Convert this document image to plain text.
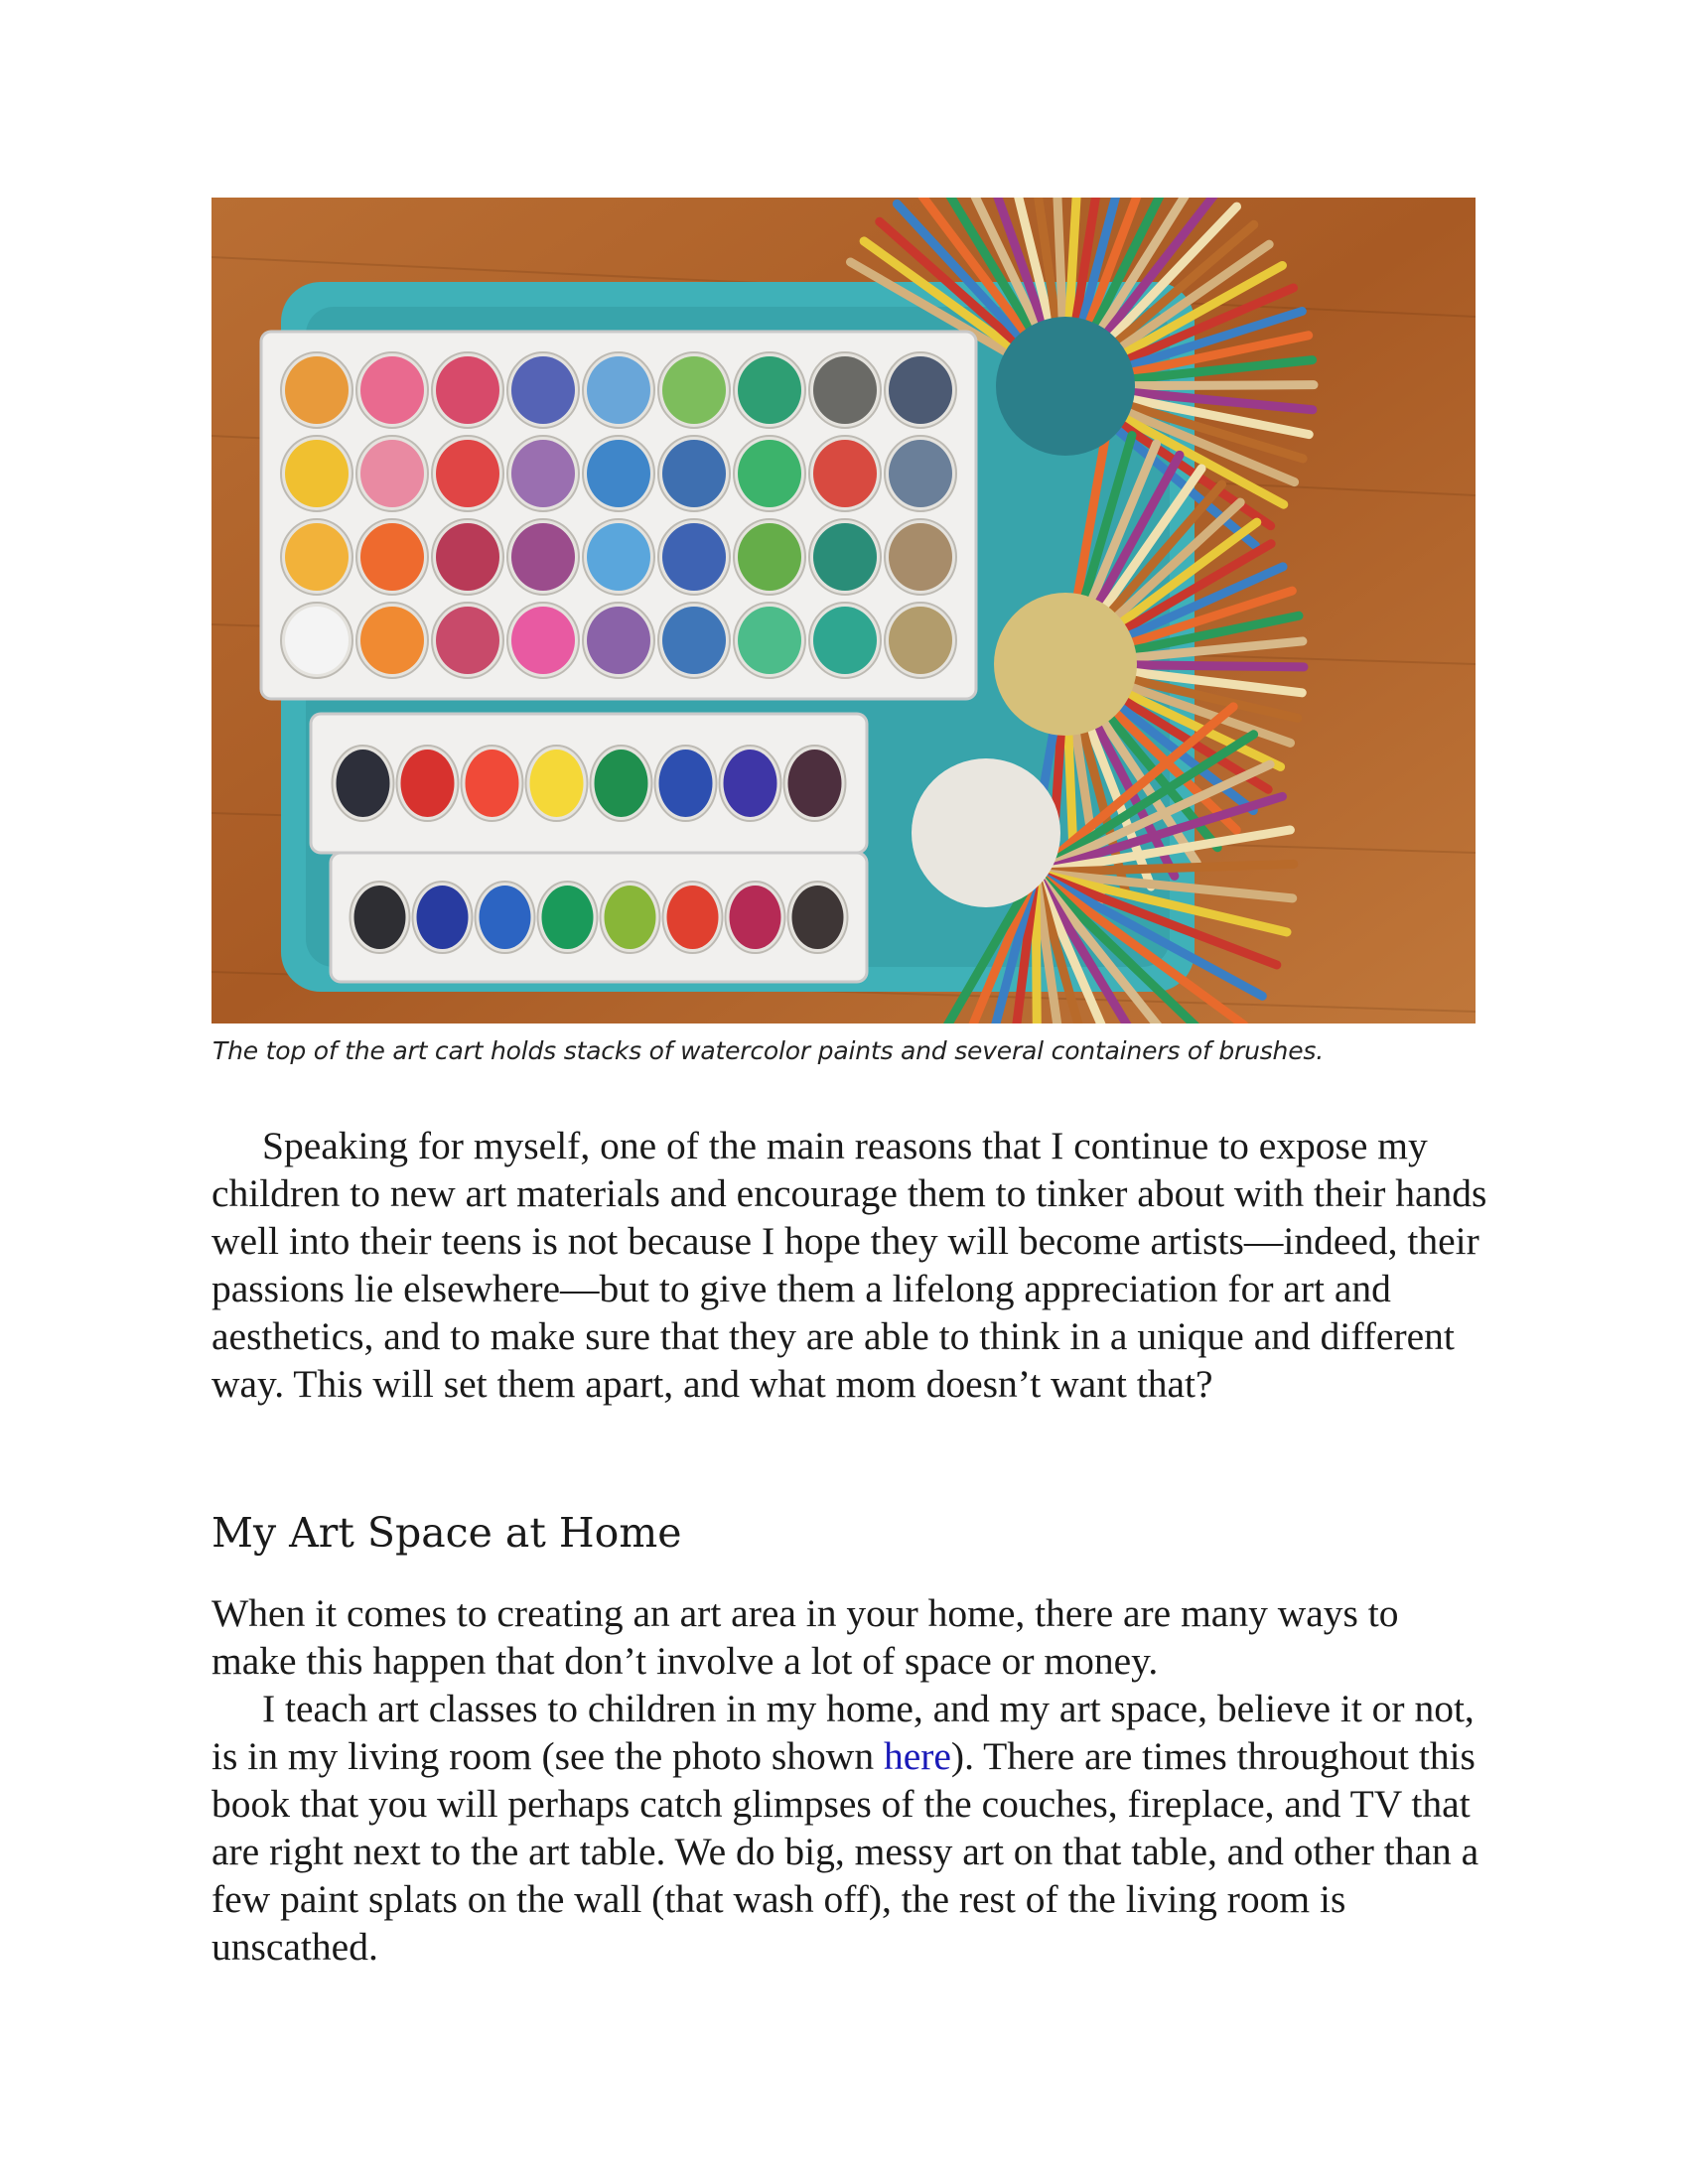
The top of the art cart holds stacks of watercolor paints and several containers of brushes.

Speaking for myself, one of the main reasons that I continue to expose my children to new art materials and encourage them to tinker about with their hands well into their teens is not because I hope they will become artists—indeed, their passions lie elsewhere—but to give them a lifelong appreciation for art and aesthetics, and to make sure that they are able to think in a unique and different way. This will set them apart, and what mom doesn’t want that?

My Art Space at Home

When it comes to creating an art area in your home, there are many ways to make this happen that don’t involve a lot of space or money.

I teach art classes to children in my home, and my art space, believe it or not, is in my living room (see the photo shown here). There are times throughout this book that you will perhaps catch glimpses of the couches, fireplace, and TV that are right next to the art table. We do big, messy art on that table, and other than a few paint splats on the wall (that wash off), the rest of the living room is unscathed.
